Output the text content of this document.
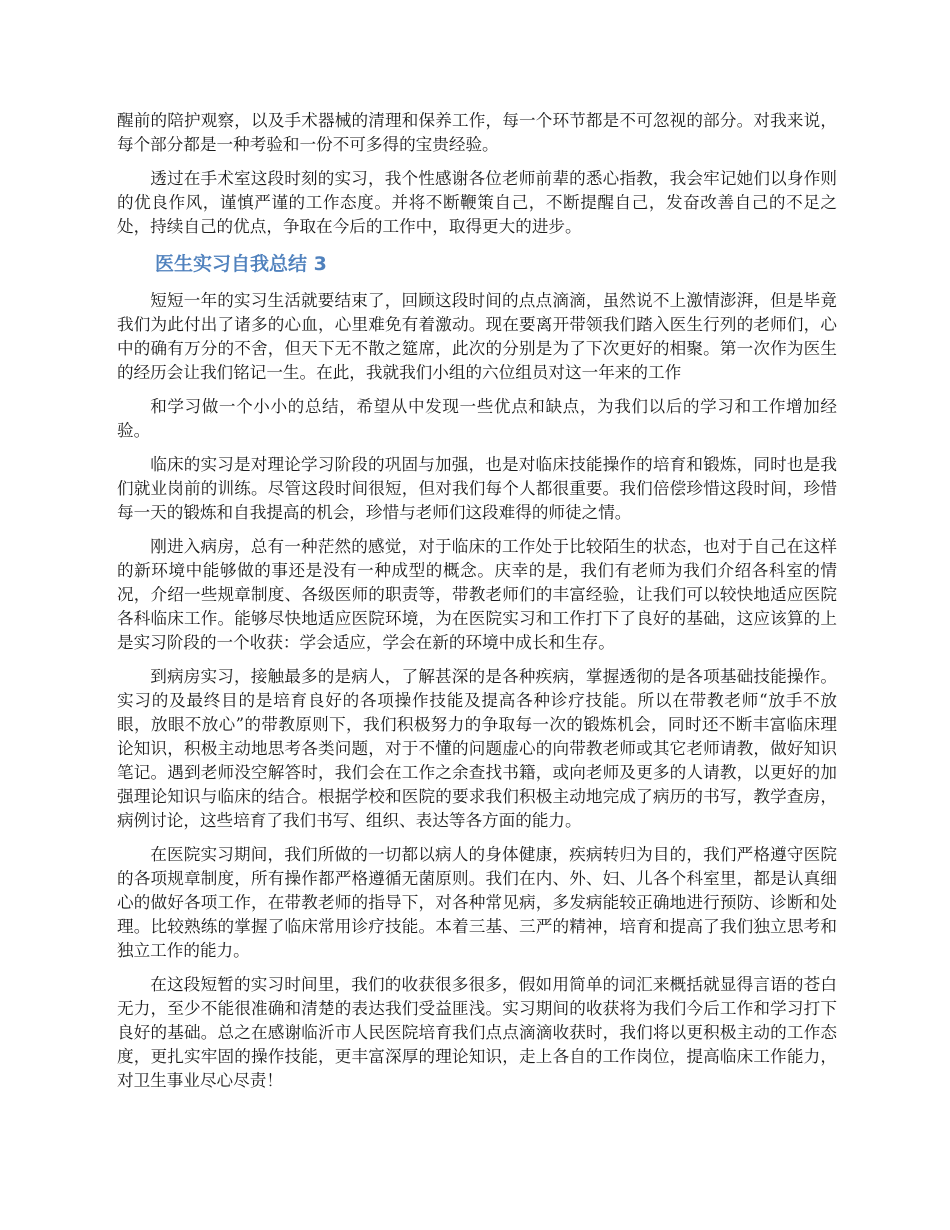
醒前的陪护观察，以及手术器械的清理和保养工作，每一个环节都是不可忽视的部分。对我来说，每个部分都是一种考验和一份不可多得的宝贵经验。

透过在手术室这段时刻的实习，我个性感谢各位老师前辈的悉心指教，我会牢记她们以身作则的优良作风，谨慎严谨的工作态度。并将不断鞭策自己，不断提醒自己，发奋改善自己的不足之处，持续自己的优点，争取在今后的工作中，取得更大的进步。

医生实习自我总结 3

短短一年的实习生活就要结束了，回顾这段时间的点点滴滴，虽然说不上激情澎湃，但是毕竟我们为此付出了诸多的心血，心里难免有着激动。现在要离开带领我们踏入医生行列的老师们，心中的确有万分的不舍，但天下无不散之筵席，此次的分别是为了下次更好的相聚。第一次作为医生的经历会让我们铭记一生。在此，我就我们小组的六位组员对这一年来的工作

和学习做一个小小的总结，希望从中发现一些优点和缺点，为我们以后的学习和工作增加经验。

临床的实习是对理论学习阶段的巩固与加强，也是对临床技能操作的培育和锻炼，同时也是我们就业岗前的训练。尽管这段时间很短，但对我们每个人都很重要。我们倍偿珍惜这段时间，珍惜每一天的锻炼和自我提高的机会，珍惜与老师们这段难得的师徒之情。

刚进入病房，总有一种茫然的感觉，对于临床的工作处于比较陌生的状态，也对于自己在这样的新环境中能够做的事还是没有一种成型的概念。庆幸的是，我们有老师为我们介绍各科室的情况，介绍一些规章制度、各级医师的职责等，带教老师们的丰富经验，让我们可以较快地适应医院各科临床工作。能够尽快地适应医院环境，为在医院实习和工作打下了良好的基础，这应该算的上是实习阶段的一个收获：学会适应，学会在新的环境中成长和生存。

到病房实习，接触最多的是病人，了解甚深的是各种疾病，掌握透彻的是各项基础技能操作。实习的及最终目的是培育良好的各项操作技能及提高各种诊疗技能。所以在带教老师“放手不放眼，放眼不放心”的带教原则下，我们积极努力的争取每一次的锻炼机会，同时还不断丰富临床理论知识，积极主动地思考各类问题，对于不懂的问题虚心的向带教老师或其它老师请教，做好知识笔记。遇到老师没空解答时，我们会在工作之余查找书籍，或向老师及更多的人请教，以更好的加强理论知识与临床的结合。根据学校和医院的要求我们积极主动地完成了病历的书写，教学查房，病例讨论，这些培育了我们书写、组织、表达等各方面的能力。

在医院实习期间，我们所做的一切都以病人的身体健康，疾病转归为目的，我们严格遵守医院的各项规章制度，所有操作都严格遵循无菌原则。我们在内、外、妇、儿各个科室里，都是认真细心的做好各项工作，在带教老师的指导下，对各种常见病，多发病能较正确地进行预防、诊断和处理。比较熟练的掌握了临床常用诊疗技能。本着三基、三严的精神，培育和提高了我们独立思考和独立工作的能力。

在这段短暂的实习时间里，我们的收获很多很多，假如用简单的词汇来概括就显得言语的苍白无力，至少不能很准确和清楚的表达我们受益匪浅。实习期间的收获将为我们今后工作和学习打下良好的基础。总之在感谢临沂市人民医院培育我们点点滴滴收获时，我们将以更积极主动的工作态度，更扎实牢固的操作技能，更丰富深厚的理论知识，走上各自的工作岗位，提高临床工作能力，对卫生事业尽心尽责！
